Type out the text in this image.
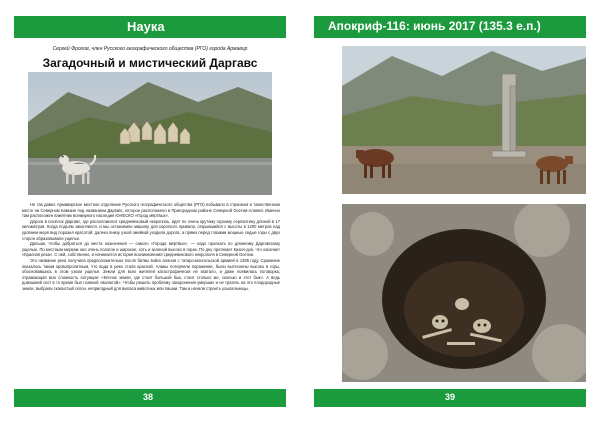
Наука
Сергей Фролов, член Русского географического общества (РГО) города Армавир
Загадочный и мистический Даргавс

Не так давно Армавирское местное отделение Русского географического общества (РГО) побывало в странном и таинственном месте на Северном Кавказе под названием Даргавс, которое расположено в Пригородном районе Северной Осетии-Алания. Именно там расположен памятник всемирного наследия ЮНЕСКО «Город мёртвых».

Дорога в посёлок Даргавс, где расположился средневековый некрополь, идёт по очень крутому горному серпантину длиной в 17 километров. Когда подъём закончился, и мы остановили машину для короткого привала, открывшийся с высоты в 1200 метров над уровнем моря вид поразил красотой: далеко внизу узкой змейкой уходила дорога, а прямо перед глазами мощные седые горы с двух сторон образовывали ущелье.

Дальше, чтобы добраться до места назначения — самого «Города мёртвых», — надо проехать по длинному Даргавскому ущелью. По местным меркам оно очень пологое и широкое, хоть и зеленой высоко в горах. По дну протекает Кизил-дон, что означает «Красная река». С ней, собственно, и начинается история возникновения средневекового некрополя в Северной Осетии.

Это название река получила предположительно после битвы войск аланов с татаро-монгольской армией в 1395 году. Сражение оказалось таким кровопролитным, что вода в реке стала красной. Аланы потерпели поражение, были вытеснены высоко в горы, обосновавшись в этом узком ущелье. Земли для всех жителей катастрофически не хватало, и даже появилась поговорка, отражающая всю сложность ситуации: «Клочок земли, где стоит большой бык, стоит столько же, сколько и этот бык». А ведь домашний скот в то время был главной «валютой». Чтобы решить проблему захоронения умерших и не тратить на это плодородные земли, выбрали скалистый склон, непригодный для выпаса животных или пашни. Там и начали строить усыпальницы.

38
Апокриф-116: июнь 2017 (135.3 е.п.)
39
